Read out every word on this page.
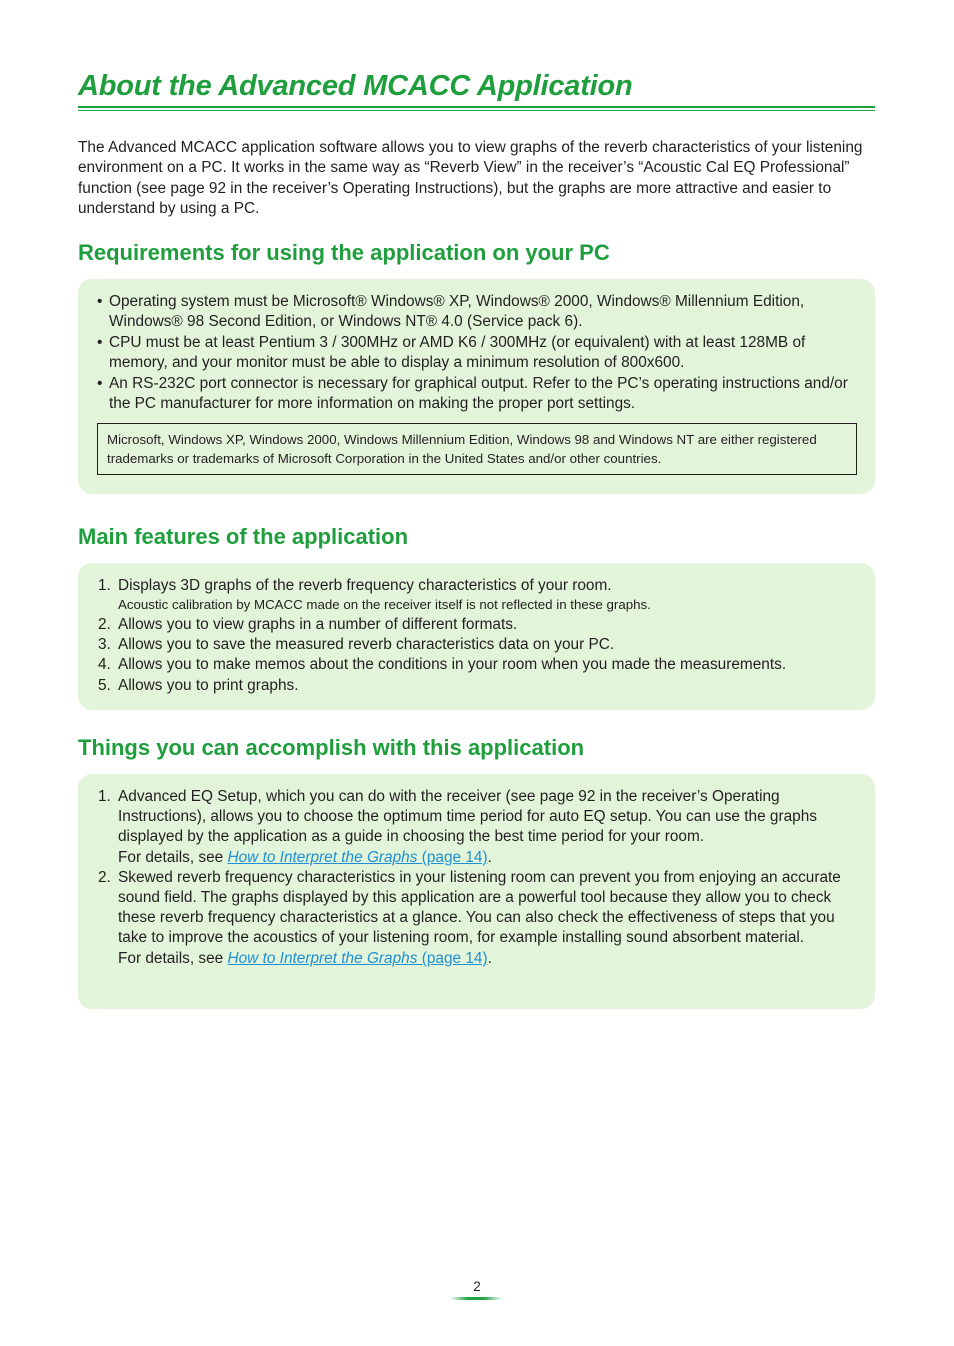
About the Advanced MCACC Application

The Advanced MCACC application software allows you to view graphs of the reverb characteristics of your listening environment on a PC. It works in the same way as “Reverb View” in the receiver’s “Acoustic Cal EQ Professional” function (see page 92 in the receiver’s Operating Instructions), but the graphs are more attractive and easier to understand by using a PC.

Requirements for using the application on your PC
• Operating system must be Microsoft® Windows® XP, Windows® 2000, Windows® Millennium Edition, Windows® 98 Second Edition, or Windows NT® 4.0 (Service pack 6).
• CPU must be at least Pentium 3 / 300MHz or AMD K6 / 300MHz (or equivalent) with at least 128MB of memory, and your monitor must be able to display a minimum resolution of 800x600.
• An RS-232C port connector is necessary for graphical output. Refer to the PC’s operating instructions and/or the PC manufacturer for more information on making the proper port settings.
Microsoft, Windows XP, Windows 2000, Windows Millennium Edition, Windows 98 and Windows NT are either registered trademarks or trademarks of Microsoft Corporation in the United States and/or other countries.
Main features of the application
1. Displays 3D graphs of the reverb frequency characteristics of your room.
Acoustic calibration by MCACC made on the receiver itself is not reflected in these graphs.
2. Allows you to view graphs in a number of different formats.
3. Allows you to save the measured reverb characteristics data on your PC.
4. Allows you to make memos about the conditions in your room when you made the measurements.
5. Allows you to print graphs.
Things you can accomplish with this application
1. Advanced EQ Setup, which you can do with the receiver (see page 92 in the receiver’s Operating Instructions), allows you to choose the optimum time period for auto EQ setup. You can use the graphs displayed by the application as a guide in choosing the best time period for your room.
For details, see How to Interpret the Graphs (page 14).
2. Skewed reverb frequency characteristics in your listening room can prevent you from enjoying an accurate sound field. The graphs displayed by this application are a powerful tool because they allow you to check these reverb frequency characteristics at a glance. You can also check the effectiveness of steps that you take to improve the acoustics of your listening room, for example installing sound absorbent material.
For details, see How to Interpret the Graphs (page 14).
2
